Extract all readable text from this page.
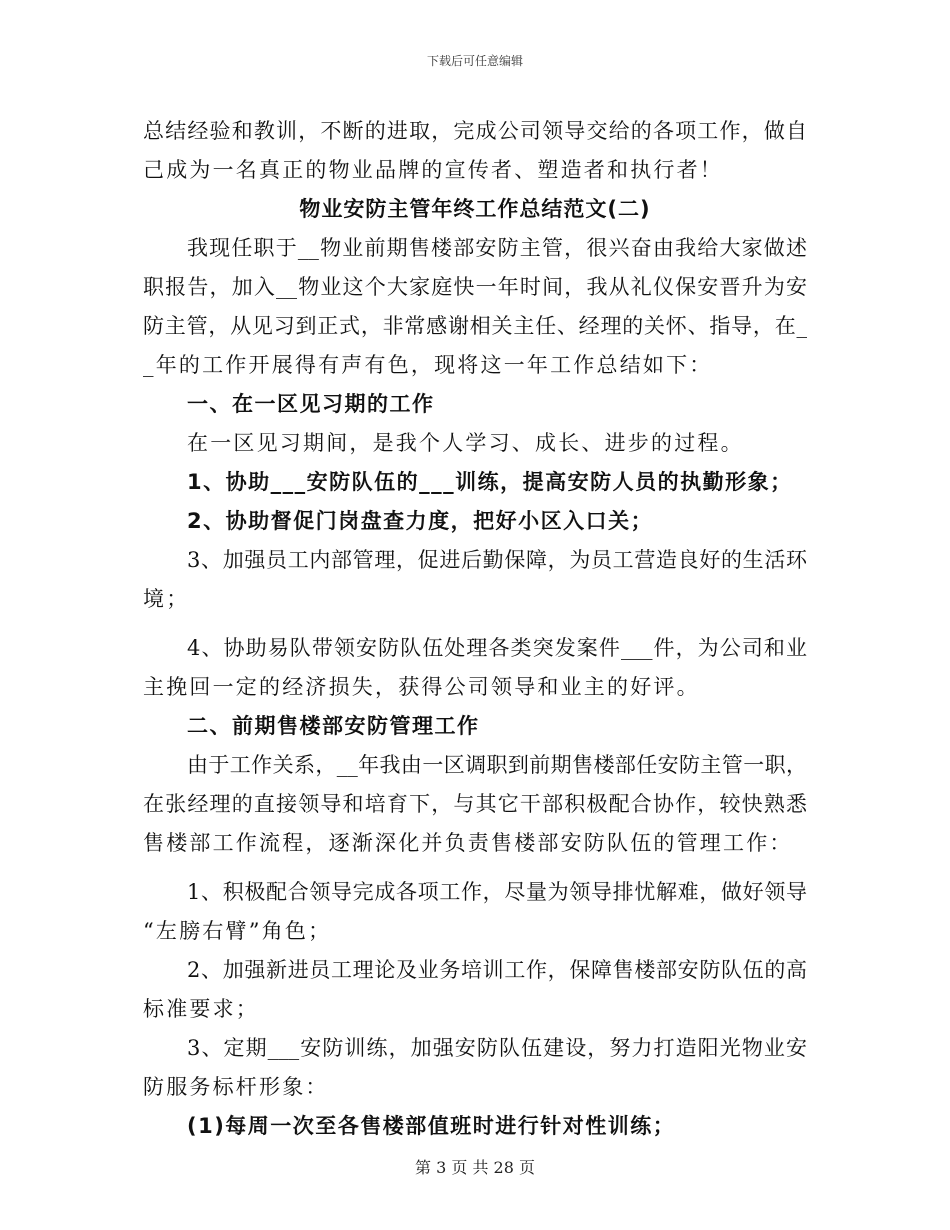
下载后可任意编辑
总结经验和教训，不断的进取，完成公司领导交给的各项工作，做自
己成为一名真正的物业品牌的宣传者、塑造者和执行者！
物业安防主管年终工作总结范文(二)
我现任职于__物业前期售楼部安防主管，很兴奋由我给大家做述
职报告，加入__物业这个大家庭快一年时间，我从礼仪保安晋升为安
防主管，从见习到正式，非常感谢相关主任、经理的关怀、指导，在_
_年的工作开展得有声有色，现将这一年工作总结如下：
一、在一区见习期的工作
在一区见习期间，是我个人学习、成长、进步的过程。
1、协助___安防队伍的___训练，提高安防人员的执勤形象；
2、协助督促门岗盘查力度，把好小区入口关；
3、加强员工内部管理，促进后勤保障，为员工营造良好的生活环
境；
4、协助易队带领安防队伍处理各类突发案件___件，为公司和业
主挽回一定的经济损失，获得公司领导和业主的好评。
二、前期售楼部安防管理工作
由于工作关系，__年我由一区调职到前期售楼部任安防主管一职，
在张经理的直接领导和培育下，与其它干部积极配合协作，较快熟悉
售楼部工作流程，逐渐深化并负责售楼部安防队伍的管理工作：
1、积极配合领导完成各项工作，尽量为领导排忧解难，做好领导
“左膀右臂”角色；
2、加强新进员工理论及业务培训工作，保障售楼部安防队伍的高
标准要求；
3、定期___安防训练，加强安防队伍建设，努力打造阳光物业安
防服务标杆形象：
(1)每周一次至各售楼部值班时进行针对性训练；
第 3 页 共 28 页
